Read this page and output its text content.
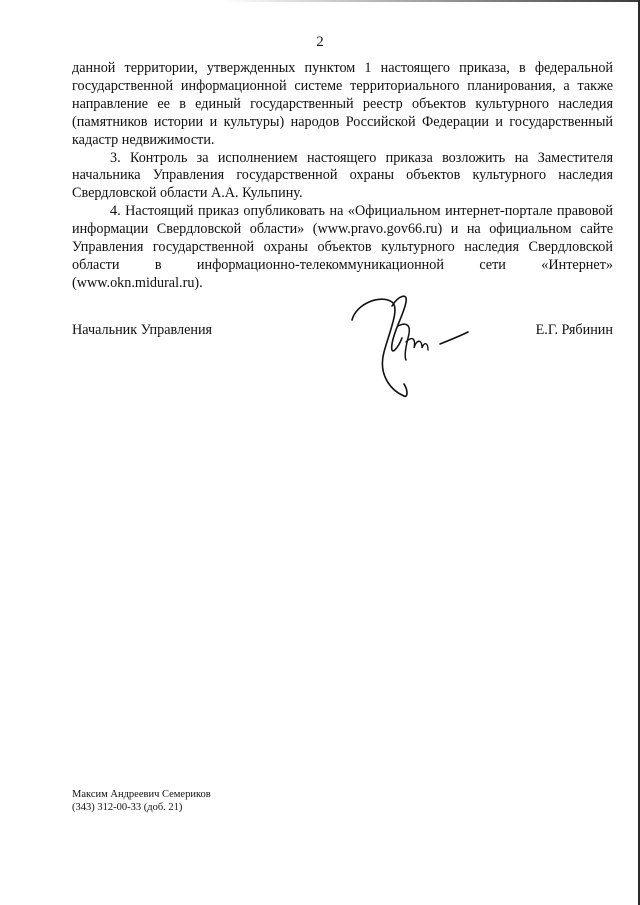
2

данной территории, утвержденных пунктом 1 настоящего приказа, в федеральной государственной информационной системе территориального планирования, а также направление ее в единый государственный реестр объектов культурного наследия (памятников истории и культуры) народов Российской Федерации и государственный кадастр недвижимости.

3. Контроль за исполнением настоящего приказа возложить на Заместителя начальника Управления государственной охраны объектов культурного наследия Свердловской области А.А. Кульпину.

4. Настоящий приказ опубликовать на «Официальном интернет-портале правовой информации Свердловской области» (www.pravo.gov66.ru) и на официальном сайте Управления государственной охраны объектов культурного наследия Свердловской области в информационно-телекоммуникационной сети «Интернет» (www.okn.midural.ru).

Начальник Управления	Е.Г. Рябинин
Максим Андреевич Семериков
(343) 312-00-33 (доб. 21)
